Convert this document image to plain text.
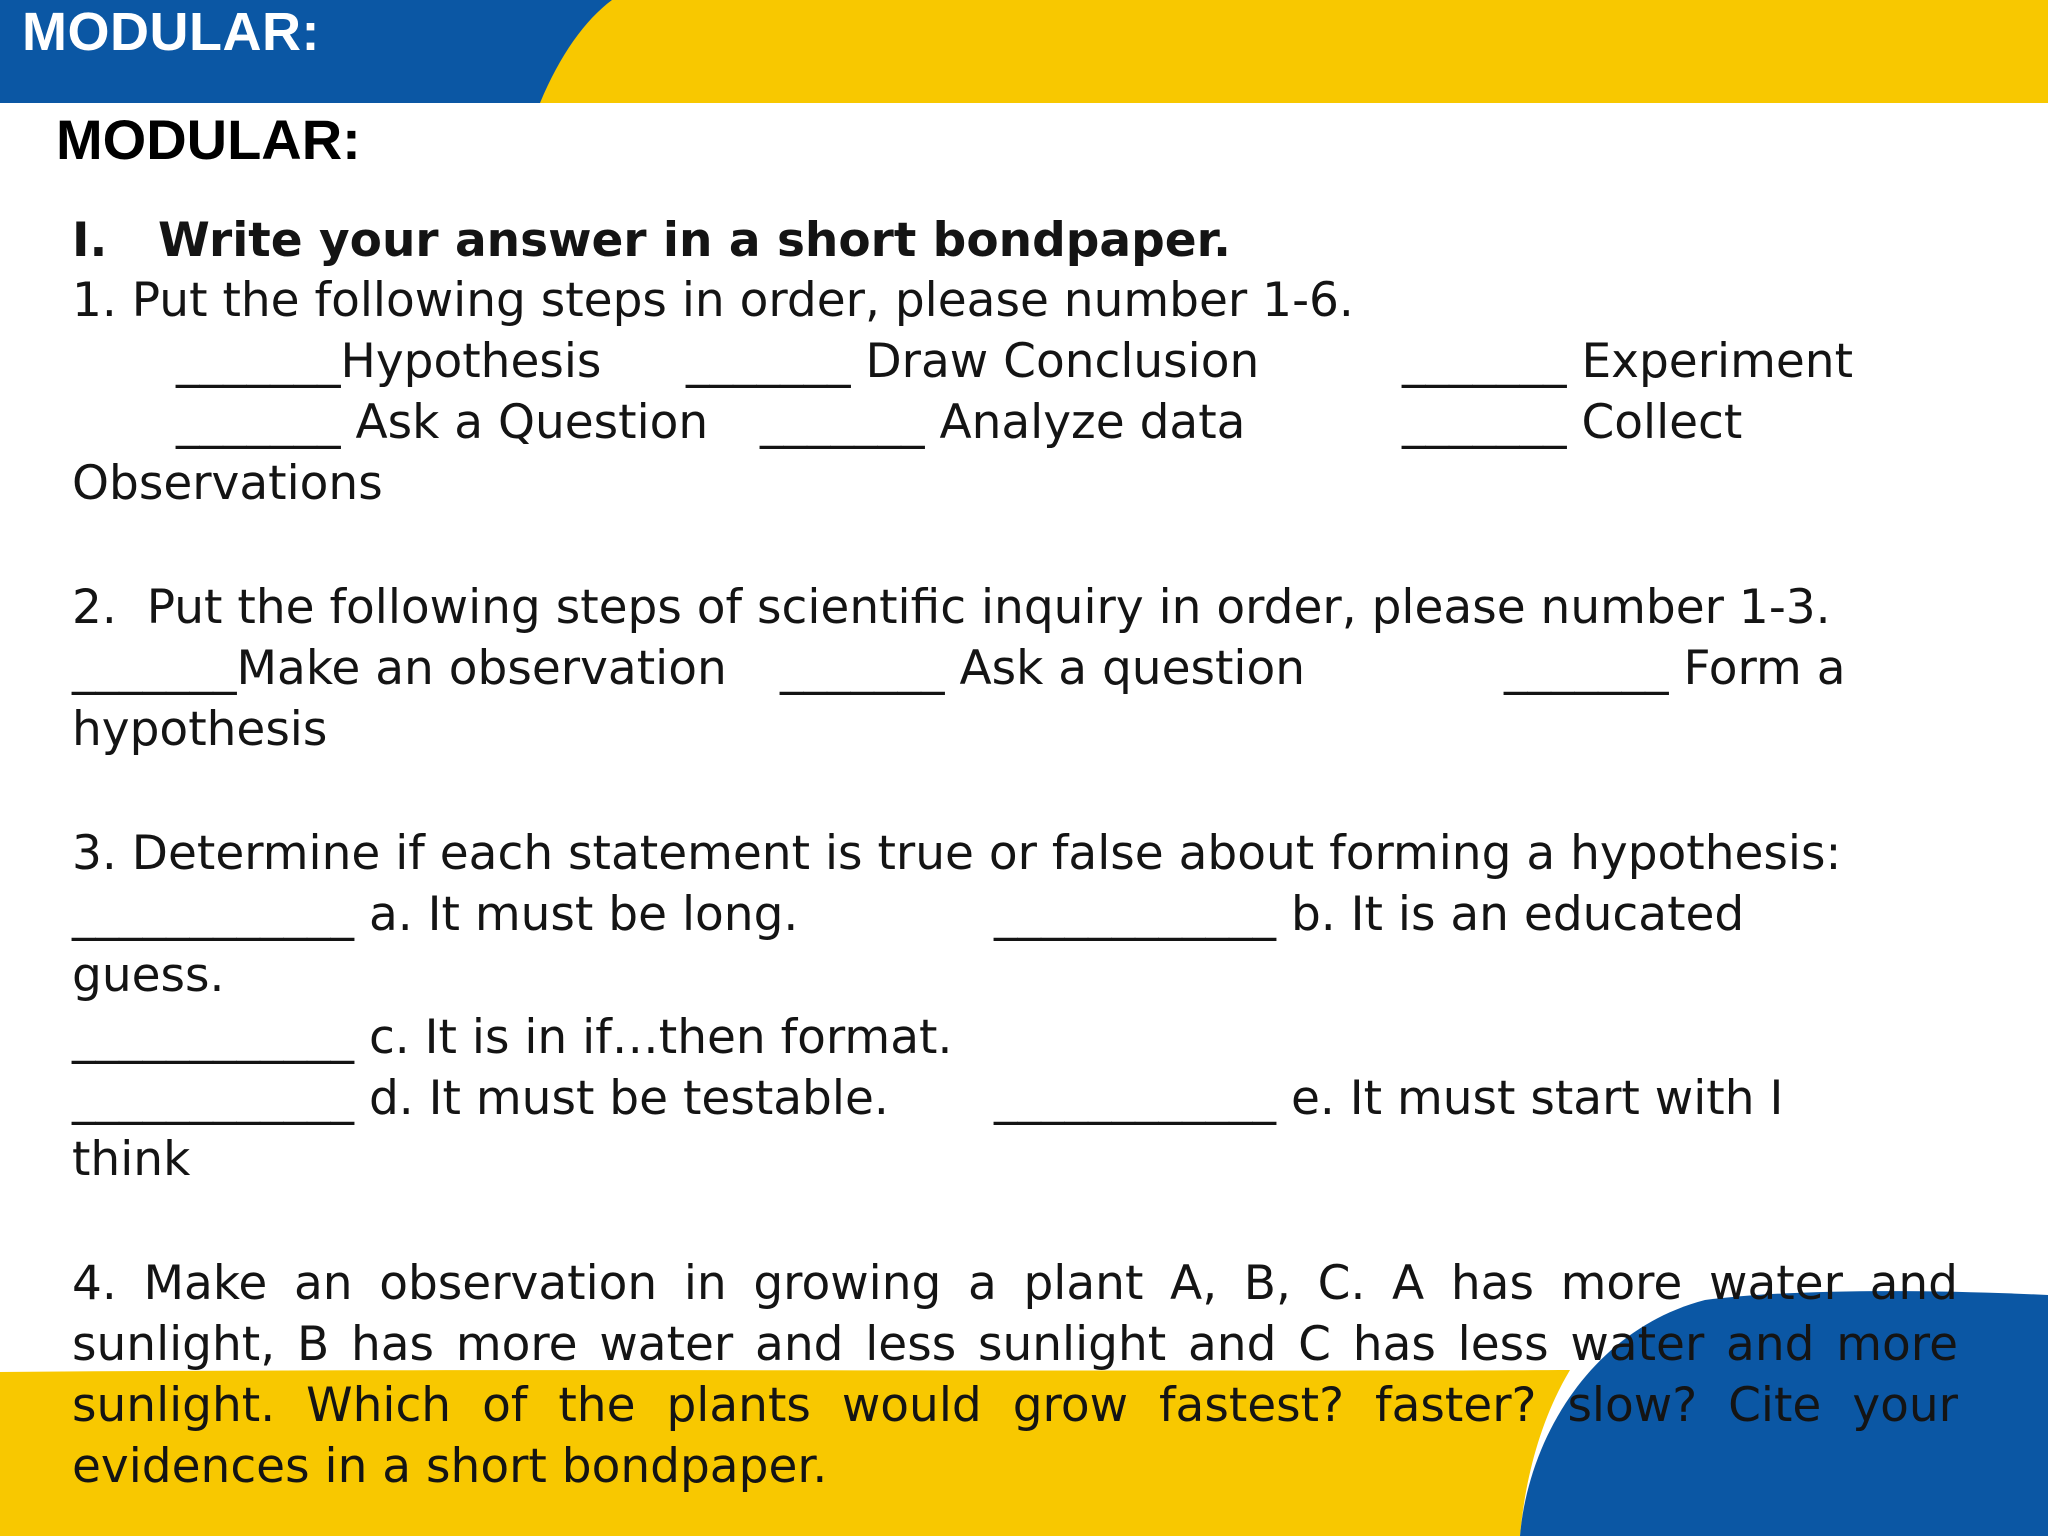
MODULAR:
MODULAR:
I. Write your answer in a short bondpaper.
1. Put the following steps in order, please number 1-6.
_______Hypothesis _______ Draw Conclusion	_______ Experiment
_______ Ask a Question _______ Analyze data	_______ Collect
Observations
2.  Put the following steps of scientific inquiry in order, please number 1-3.
_______Make an observation _______ Ask a question	_______ Form a
hypothesis
3. Determine if each statement is true or false about forming a hypothesis:
____________ a. It must be long.	____________ b. It is an educated
guess.
____________ c. It is in if…then format.
____________ d. It must be testable. ____________ e. It must start with I
think
4. Make an observation in growing a plant A, B, C. A has more water and
sunlight, B has more water and less sunlight and C has less water and more
sunlight. Which of the plants would grow fastest? faster? slow? Cite your
evidences in a short bondpaper.
